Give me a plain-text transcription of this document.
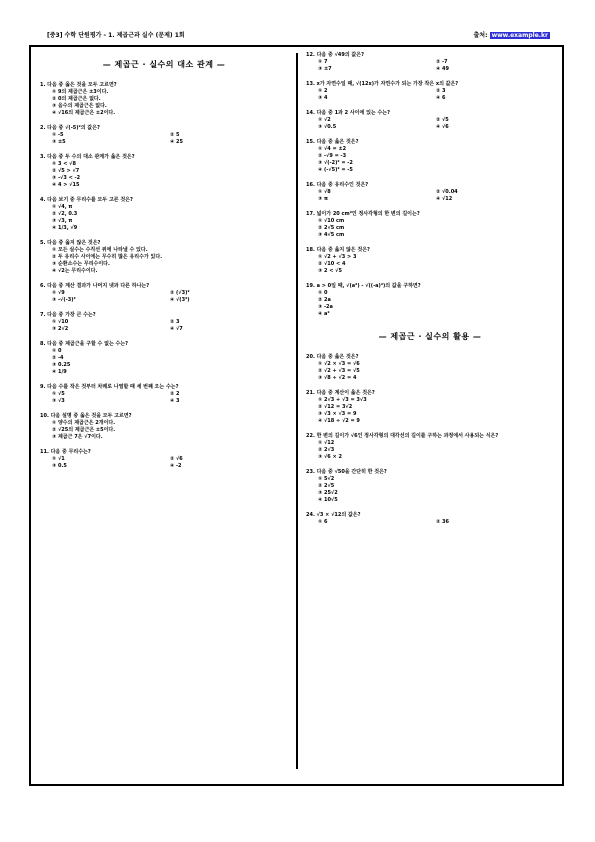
[중3] 수학 단원평가 - 1. 제곱근과 실수 (문제) 1회	출처: www.example.kr
— 제곱근 · 실수의 대소 관계 —
1. 다음 중 옳은 것을 모두 고르면?
① 9의 제곱근은 ±3이다.
② 0의 제곱근은 없다.
③ 음수의 제곱근은 없다.
④ √16의 제곱근은 ±2이다.
2. 다음 중 √(-5)²의 값은?
① -5	② 5
③ ±5	④ 25
3. 다음 중 두 수의 대소 관계가 옳은 것은?
① 3 < √8
② √5 > √7
③ -√3 < -2
④ 4 > √15
4. 다음 보기 중 무리수를 모두 고른 것은?
① √4, π
② √2, 0.3
③ √3, π
④ 1/3, √9
5. 다음 중 옳지 않은 것은?
① 모든 실수는 수직선 위에 나타낼 수 있다.
② 두 유리수 사이에는 무수히 많은 유리수가 있다.
③ 순환소수는 무리수이다.
④ √2는 무리수이다.
6. 다음 중 계산 결과가 나머지 넷과 다른 하나는?
① √9	② (√3)²
③ -√(-3)²	④ √(3²)
7. 다음 중 가장 큰 수는?
① √10	② 3
③ 2√2	④ √7
8. 다음 중 제곱근을 구할 수 없는 수는?
① 0
② -4
③ 0.25
④ 1/9
9. 다음 수를 작은 것부터 차례로 나열할 때 세 번째 오는 수는?
① √5	② 2
③ √3	④ 3
10. 다음 설명 중 옳은 것을 모두 고르면?
① 양수의 제곱근은 2개이다.
② √25의 제곱근은 ±5이다.
③ 제곱근 7은 √7이다.
11. 다음 중 무리수는?
① √1	② √6
③ 0.5	④ -2
12. 다음 중 √49의 값은?
① 7	② -7
③ ±7	④ 49
13. x가 자연수일 때, √(12x)가 자연수가 되는 가장 작은 x의 값은?
① 2	② 3
③ 4	④ 6
14. 다음 중 1과 2 사이에 있는 수는?
① √2	② √5
③ √0.5	④ √6
15. 다음 중 옳은 것은?
① √4 = ±2
② -√9 = -3
③ √(-2)² = -2
④ (-√5)² = -5
16. 다음 중 유리수인 것은?
① √8	② √0.04
③ π	④ √12
17. 넓이가 20 cm²인 정사각형의 한 변의 길이는?
① √10 cm
② 2√5 cm
③ 4√5 cm
18. 다음 중 옳지 않은 것은?
① √2 + √3 > 3
② √10 < 4
③ 2 < √5
19. a > 0일 때, √(a²) - √((-a)²)의 값을 구하면?
① 0
② 2a
③ -2a
④ a²
— 제곱근 · 실수의 활용 —
20. 다음 중 옳은 것은?
① √2 × √3 = √6
② √2 + √3 = √5
③ √8 ÷ √2 = 4
21. 다음 중 계산이 옳은 것은?
① 2√3 + √3 = 3√3
② √12 = 3√2
③ √3 × √3 = 9
④ √18 ÷ √2 = 9
22. 한 변의 길이가 √6인 정사각형의 대각선의 길이를 구하는 과정에서 사용되는 식은?
① √12
② 2√3
③ √6 × 2
23. 다음 중 √50을 간단히 한 것은?
① 5√2
② 2√5
③ 25√2
④ 10√5
24. √3 × √12의 값은?
① 6	② 36
